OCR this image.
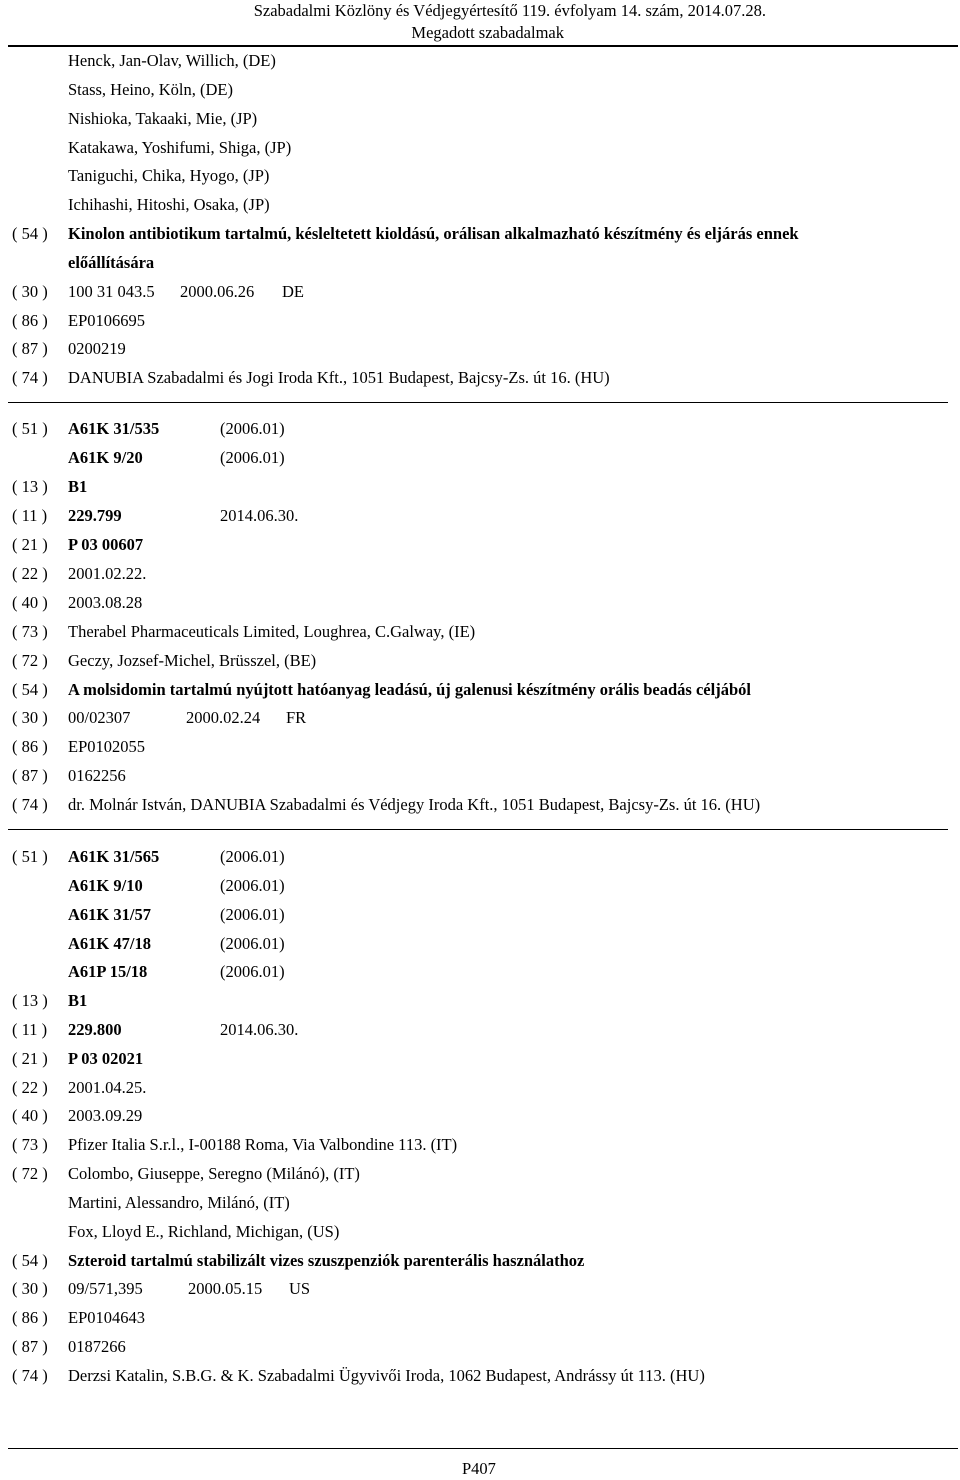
Szabadalmi Közlöny és Védjegyértesítő 119. évfolyam 14. szám, 2014.07.28.
Megadott szabadalmak
Henck, Jan-Olav, Willich, (DE)
Stass, Heino, Köln, (DE)
Nishioka, Takaaki, Mie, (JP)
Katakawa, Yoshifumi, Shiga, (JP)
Taniguchi, Chika, Hyogo, (JP)
Ichihashi, Hitoshi, Osaka, (JP)
( 54 ) Kinolon antibiotikum tartalmú, késleltetett kioldású, orálisan alkalmazható készítmény és eljárás ennek
előállítására
( 30 ) 100 31 043.5 2000.06.26 DE
( 86 ) EP0106695
( 87 ) 0200219
( 74 ) DANUBIA Szabadalmi és Jogi Iroda Kft., 1051 Budapest, Bajcsy-Zs. út 16. (HU)
( 51 ) A61K 31/535	(2006.01)
A61K 9/20	(2006.01)
( 13 ) B1
( 11 ) 229.799	2014.06.30.
( 21 ) P 03 00607
( 22 ) 2001.02.22.
( 40 ) 2003.08.28
( 73 ) Therabel Pharmaceuticals Limited, Loughrea, C.Galway, (IE)
( 72 ) Geczy, Jozsef-Michel, Brüsszel, (BE)
( 54 ) A molsidomin tartalmú nyújtott hatóanyag leadású, új galenusi készítmény orális beadás céljából
( 30 ) 00/02307	2000.02.24 FR
( 86 ) EP0102055
( 87 ) 0162256
( 74 ) dr. Molnár István, DANUBIA Szabadalmi és Védjegy Iroda Kft., 1051 Budapest, Bajcsy-Zs. út 16. (HU)
( 51 ) A61K 31/565	(2006.01)
A61K 9/10	(2006.01)
A61K 31/57	(2006.01)
A61K 47/18	(2006.01)
A61P 15/18	(2006.01)
( 13 ) B1
( 11 ) 229.800	2014.06.30.
( 21 ) P 03 02021
( 22 ) 2001.04.25.
( 40 ) 2003.09.29
( 73 ) Pfizer Italia S.r.l., I-00188 Roma, Via Valbondine 113. (IT)
( 72 ) Colombo, Giuseppe, Seregno (Milánó), (IT)
Martini, Alessandro, Milánó, (IT)
Fox, Lloyd E., Richland, Michigan, (US)
( 54 ) Szteroid tartalmú stabilizált vizes szuszpenziók parenterális használathoz
( 30 ) 09/571,395	2000.05.15 US
( 86 ) EP0104643
( 87 ) 0187266
( 74 ) Derzsi Katalin, S.B.G. & K. Szabadalmi Ügyvivői Iroda, 1062 Budapest, Andrássy út 113. (HU)
P407
